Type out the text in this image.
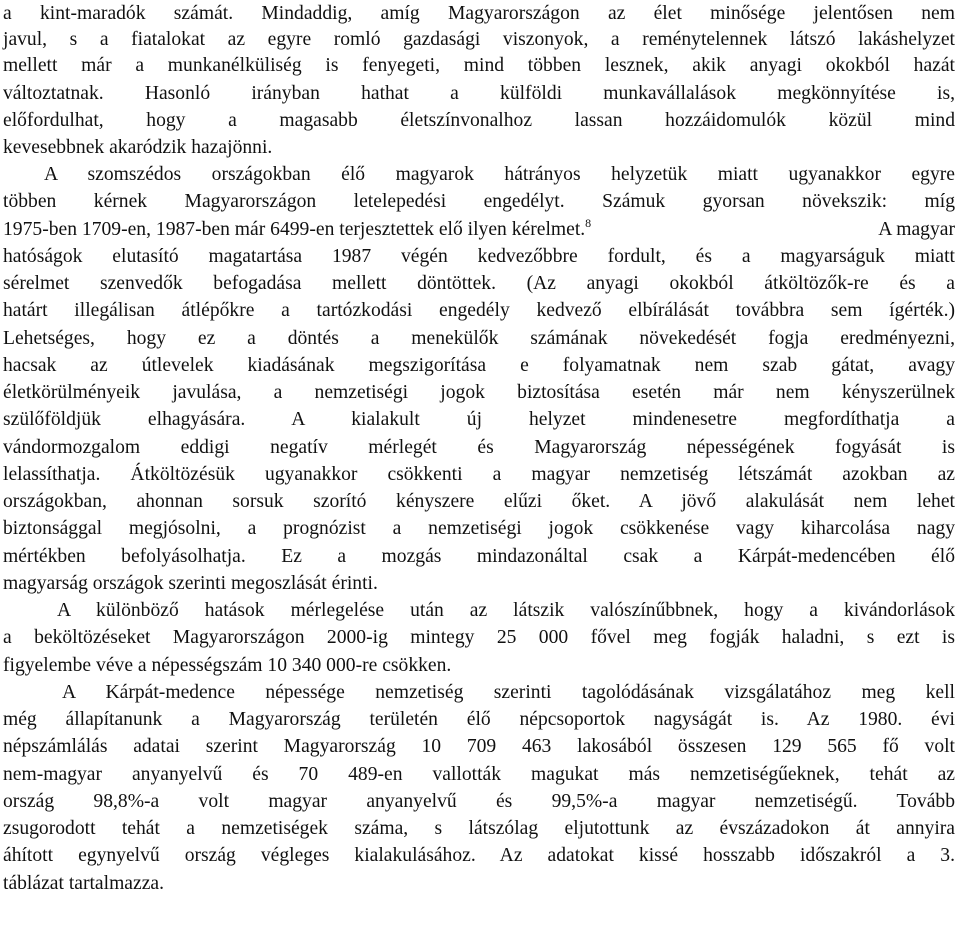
a kint-maradók számát. Mindaddig, amíg Magyarországon az élet minősége jelentősen nem
javul, s a fiatalokat az egyre romló gazdasági viszonyok, a reménytelennek látszó lakáshelyzet
mellett már a munkanélküliség is fenyegeti, mind többen lesznek, akik anyagi okokból hazát
változtatnak. Hasonló irányban hathat a külföldi munkavállalások megkönnyítése is,
előfordulhat, hogy a magasabb életszínvonalhoz lassan hozzáidomulók közül mind
kevesebbnek akaródzik hazajönni.
A szomszédos országokban élő magyarok hátrányos helyzetük miatt ugyanakkor egyre
többen kérnek Magyarországon letelepedési engedélyt. Számuk gyorsan növekszik: míg
1975-ben 1709-en, 1987-ben már 6499-en terjesztettek elő ilyen kérelmet.$^8$	A magyar
hatóságok elutasító magatartása 1987 végén kedvezőbbre fordult, és a magyarságuk miatt
sérelmet szenvedők befogadása mellett döntöttek. (Az anyagi okokból átköltözők-re és a
határt illegálisan átlépőkre a tartózkodási engedély kedvező elbírálását továbbra sem ígérték.)
Lehetséges, hogy ez a döntés a menekülők számának növekedését fogja eredményezni,
hacsak az útlevelek kiadásának megszigorítása e folyamatnak nem szab gátat, avagy
életkörülményeik javulása, a nemzetiségi jogok biztosítása esetén már nem kényszerülnek
szülőföldjük elhagyására. A kialakult új helyzet mindenesetre megfordíthatja a
vándormozgalom eddigi negatív mérlegét és Magyarország népességének fogyását is
lelassíthatja. Átköltözésük ugyanakkor csökkenti a magyar nemzetiség létszámát azokban az
országokban, ahonnan sorsuk szorító kényszere elűzi őket. A jövő alakulását nem lehet
biztonsággal megjósolni, a prognózist a nemzetiségi jogok csökkenése vagy kiharcolása nagy
mértékben befolyásolhatja. Ez a mozgás mindazonáltal csak a Kárpát-medencében élő
magyarság országok szerinti megoszlását érinti.
A különböző hatások mérlegelése után az látszik valószínűbbnek, hogy a kivándorlások
a beköltözéseket Magyarországon 2000-ig mintegy 25 000 fővel meg fogják haladni, s ezt is
figyelembe véve a népességszám 10 340 000-re csökken.
A Kárpát-medence népessége nemzetiség szerinti tagolódásának vizsgálatához meg kell
még állapítanunk a Magyarország területén élő népcsoportok nagyságát is. Az 1980. évi
népszámlálás adatai szerint Magyarország 10 709 463 lakosából összesen 129 565 fő volt
nem-magyar anyanyelvű és 70 489-en vallották magukat más nemzetiségűeknek, tehát az
ország 98,8%-a volt magyar anyanyelvű és 99,5%-a magyar nemzetiségű. Tovább
zsugorodott tehát a nemzetiségek száma, s látszólag eljutottunk az évszázadokon át annyira
áhított egynyelvű ország végleges kialakulásához. Az adatokat kissé hosszabb időszakról a 3.
táblázat tartalmazza.
